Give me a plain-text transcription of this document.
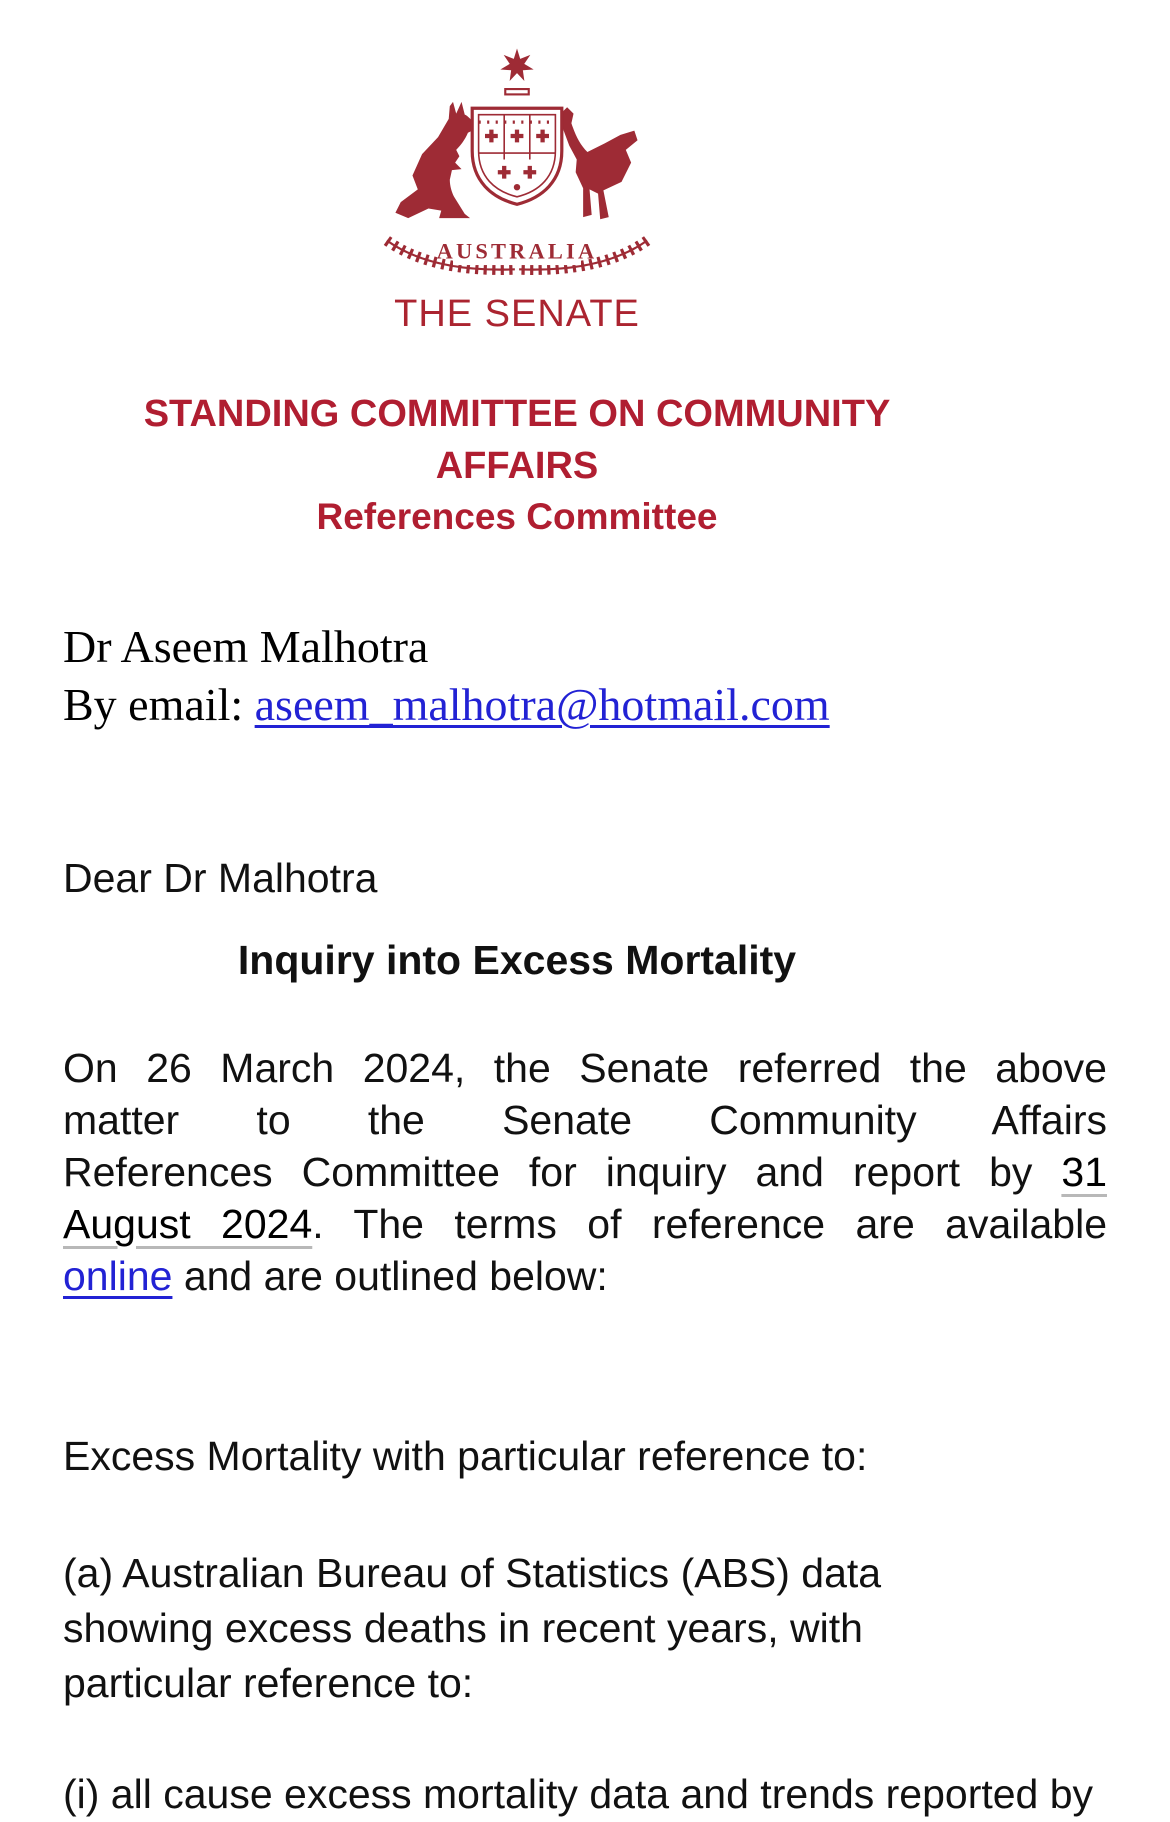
AUSTRALIA
THE SENATE
STANDING COMMITTEE ON COMMUNITY AFFAIRS
References Committee
Dr Aseem Malhotra
By email: aseem_malhotra@hotmail.com
Dear Dr Malhotra
Inquiry into Excess Mortality
On 26 March 2024, the Senate referred the above
matter to the Senate Community Affairs
References Committee for inquiry and report by 31
August 2024. The terms of reference are available
online and are outlined below:
Excess Mortality with particular reference to:
(a) Australian Bureau of Statistics (ABS) data
showing excess deaths in recent years, with
particular reference to:
(i) all cause excess mortality data and trends reported by
